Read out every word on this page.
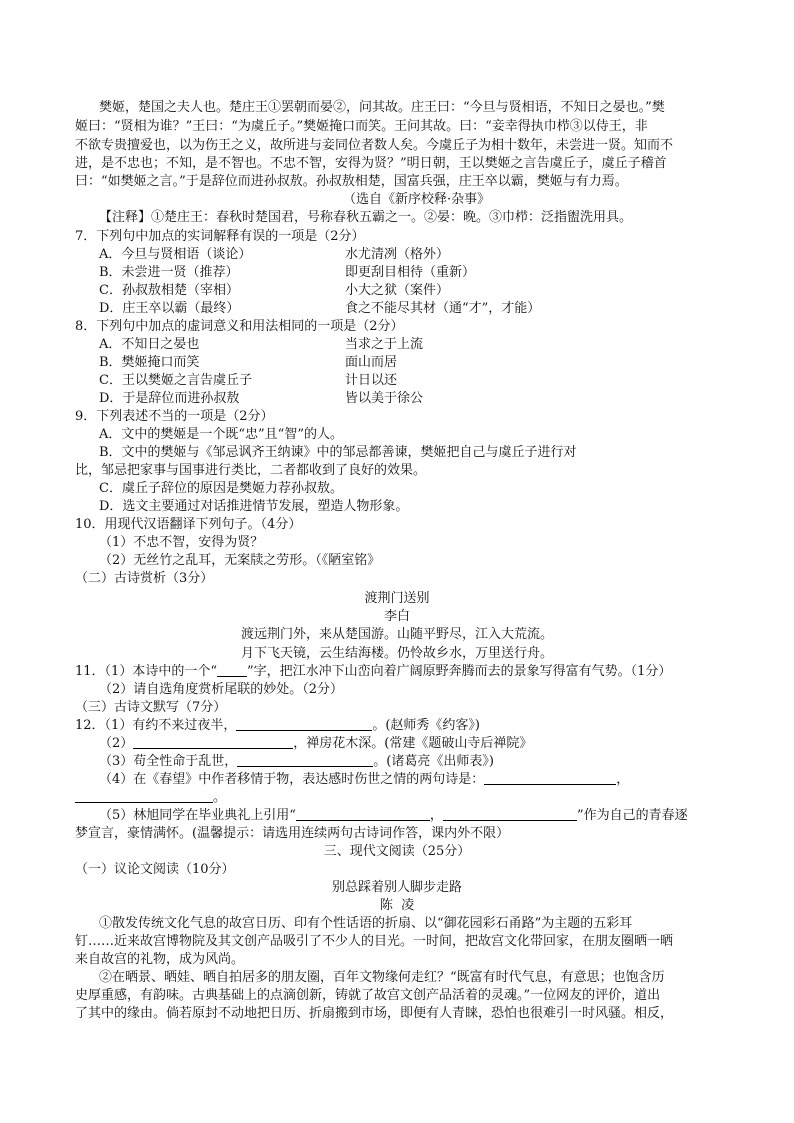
樊姬，楚国之夫人也。楚庄王①罢朝而晏②，问其故。庄王曰：“今旦与贤相语，不知日之晏也。”樊
姬曰：“贤相为谁？”王曰：“为虞丘子。”樊姬掩口而笑。王问其故。曰：“妾幸得执巾栉③以侍王，非
不欲专贵擅爱也，以为伤王之义，故所进与妾同位者数人矣。今虞丘子为相十数年，未尝进一贤。知而不
进，是不忠也；不知，是不智也。不忠不智，安得为贤？”明日朝，王以樊姬之言告虞丘子，虞丘子稽首
曰：“如樊姬之言。”于是辞位而进孙叔敖。孙叔敖相楚，国富兵强，庄王卒以霸，樊姬与有力焉。
（选自《新序校释·杂事》
【注释】①楚庄王：春秋时楚国君，号称春秋五霸之一。②晏：晚。③巾栉：泛指盥洗用具。
7．下列句中加点的实词解释有误的一项是（2分）
A．今旦与贤相语（谈论）	水尤清冽（格外）
B．未尝进一贤（推荐）	即更刮目相待（重新）
C．孙叔敖相楚（宰相）	小大之狱（案件）
D．庄王卒以霸（最终）	食之不能尽其材（通“才”，才能）
8．下列句中加点的虚词意义和用法相同的一项是（2分）
A．不知日之晏也	当求之于上流
B．樊姬掩口而笑	面山而居
C．王以樊姬之言告虞丘子	计日以还
D．于是辞位而进孙叔敖	皆以美于徐公
9．下列表述不当的一项是（2分）
A．文中的樊姬是一个既“忠”且“智”的人。
B．文中的樊姬与《邹忌讽齐王纳谏》中的邹忌都善谏，樊姬把自己与虞丘子进行对
比，邹忌把家事与国事进行类比，二者都收到了良好的效果。
C．虞丘子辞位的原因是樊姬力荐孙叔敖。
D．选文主要通过对话推进情节发展，塑造人物形象。
10．用现代汉语翻译下列句子。（4分）
（1）不忠不智，安得为贤？
（2）无丝竹之乱耳，无案牍之劳形。（《陋室铭》
（二）古诗赏析（3分）
渡荆门送别
李白
渡远荆门外，来从楚国游。山随平野尽，江入大荒流。
月下飞天镜，云生结海楼。仍怜故乡水，万里送行舟。
11．（1）本诗中的一个“ ”字，把江水冲下山峦向着广阔原野奔腾而去的景象写得富有气势。（1分）
（2）请自选角度赏析尾联的妙处。（2分）
（三）古诗文默写（7分）
12．（1）有约不来过夜半，	。(赵师秀《约客》)
（2）	，禅房花木深。(常建《题破山寺后禅院》
（3）苟全性命于乱世，	。(诸葛亮《出师表》)
（4）在《春望》中作者移情于物，表达感时伤世之情的两句诗是：	，
。
（5）林旭同学在毕业典礼上引用“	，	”作为自己的青春逐
梦宣言，豪情满怀。(温馨提示：请选用连续两句古诗词作答，课内外不限）
三、现代文阅读（25分）
（一）议论文阅读（10分）
别总踩着别人脚步走路
陈  凌
①散发传统文化气息的故宫日历、印有个性话语的折扇、以“御花园彩石甬路”为主题的五彩耳
钉……近来故宫博物院及其文创产品吸引了不少人的目光。一时间，把故宫文化带回家，在朋友圈晒一晒
来自故宫的礼物，成为风尚。
②在晒景、晒娃、晒自拍居多的朋友圈，百年文物缘何走红？“既富有时代气息，有意思；也饱含历
史厚重感，有韵味。古典基础上的点滴创新，铸就了故宫文创产品活着的灵魂。”一位网友的评价，道出
了其中的缘由。倘若原封不动地把日历、折扇搬到市场，即便有人青睐，恐怕也很难引一时风骚。相反，
